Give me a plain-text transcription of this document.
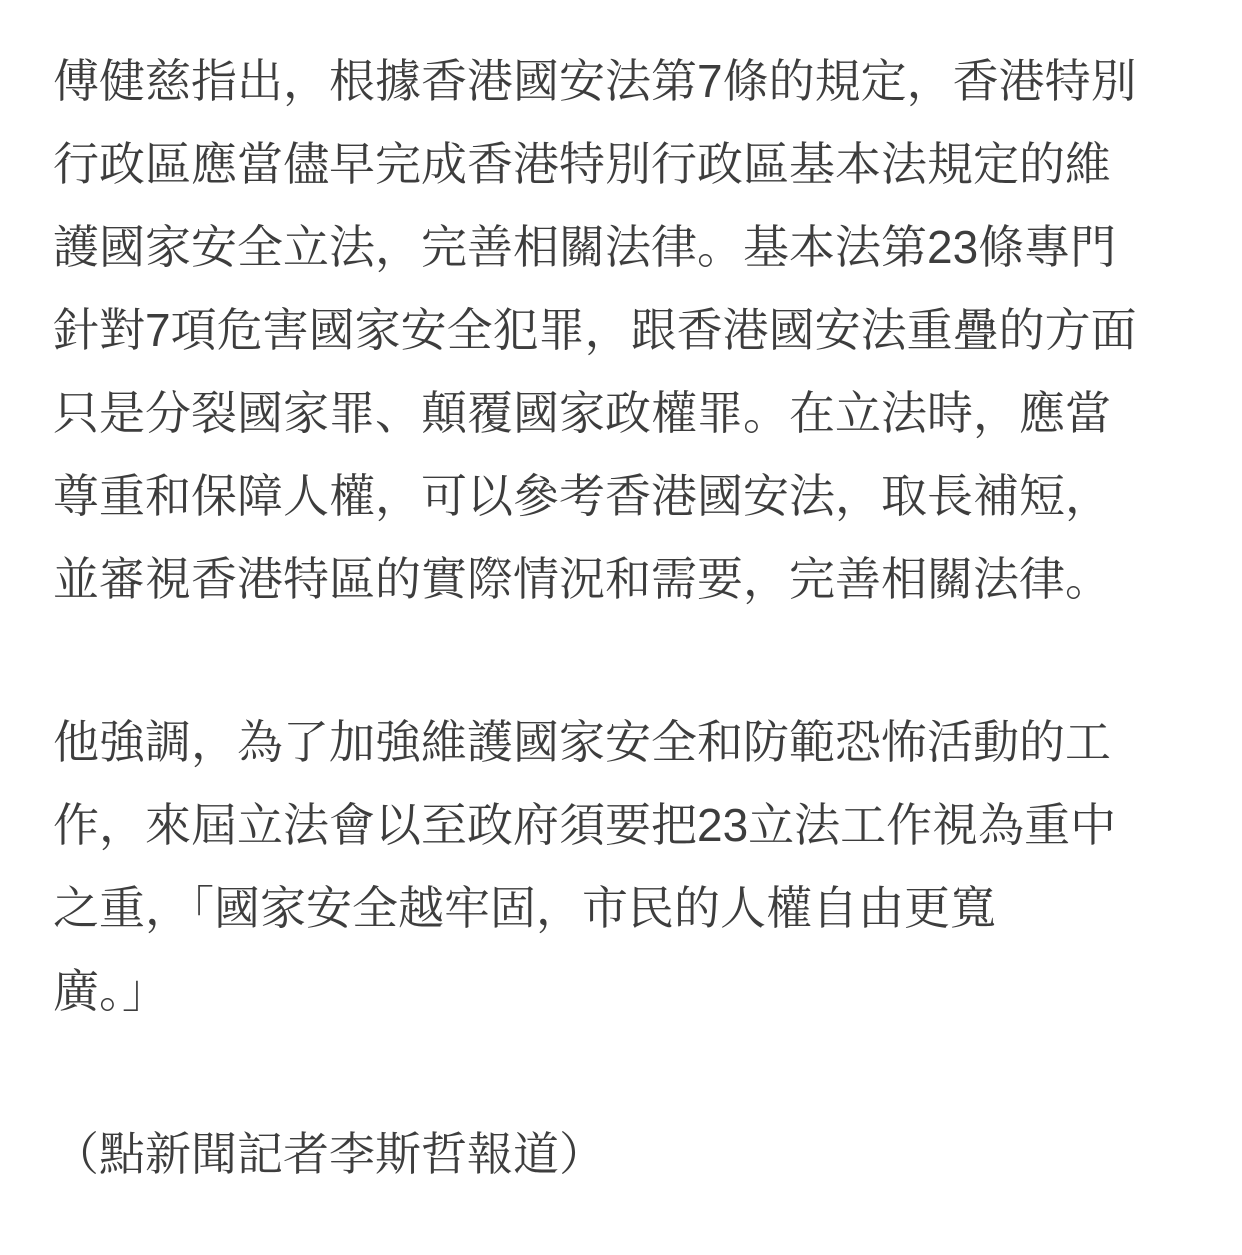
傅健慈指出，根據香港國安法第7條的規定，香港特別
行政區應當儘早完成香港特別行政區基本法規定的維
護國家安全立法，完善相關法律。基本法第23條專門
針對7項危害國家安全犯罪，跟香港國安法重疊的方面
只是分裂國家罪、顛覆國家政權罪。在立法時，應當
尊重和保障人權，可以參考香港國安法，取長補短，
並審視香港特區的實際情況和需要，完善相關法律。

他強調，為了加強維護國家安全和防範恐怖活動的工
作，來屆立法會以至政府須要把23立法工作視為重中
之重，「國家安全越牢固，市民的人權自由更寬
廣。」

（點新聞記者李斯哲報道）
